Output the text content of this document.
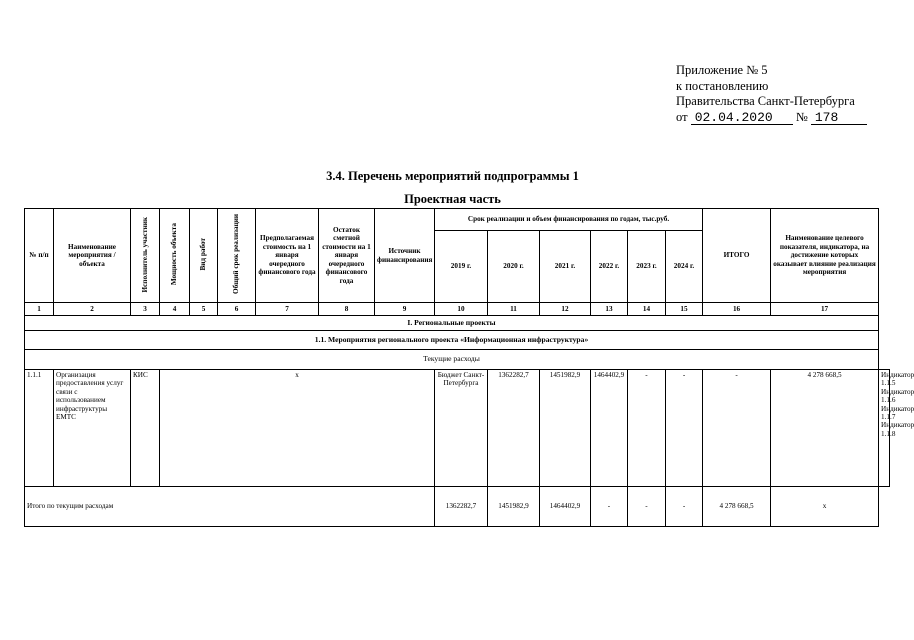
Приложение № 5
к постановлению
Правительства Санкт-Петербурга
от 02.04.2020 № 178
3.4. Перечень мероприятий подпрограммы 1
Проектная часть
№ п/п	Наименование мероприятия / объекта	Исполнитель участник	Мощность объекта	Вид работ	Общий срок реализации	Предполагаемая стоимость на 1 января очередного финансового года	Остаток сметной стоимости на 1 января очередного финансового года	Источник финансирования	Срок реализации и объем финансирования по годам, тыс.руб.						ИТОГО	Наименование целевого показателя, индикатора, на достижение которых оказывает влияние реализация мероприятия	
									2019 г.	2020 г.	2021 г.	2022 г.	2023 г.	2024 г.			
1	2	3	4	5	6	7	8	9	10	11	12	13	14	15	16	17	
I. Региональные проекты																	
1.1. Мероприятия регионального проекта «Информационная инфраструктура»																	
Текущие расходы																	
1.1.1	Организация предоставления услуг связи с использованием инфраструктуры ЕМТС	КИС	х						Бюджет Санкт-Петербурга	1362282,7	1451982,9	1464402,9	-	-	-	4 278 668,5	Индикатор 1.1.5
Индикатор 1.1.6
Индикатор 1.1.7
Индикатор 1.1.8

Итого по текущим расходам									1362282,7	1451982,9	1464402,9	-	-	-	4 278 668,5	х	
